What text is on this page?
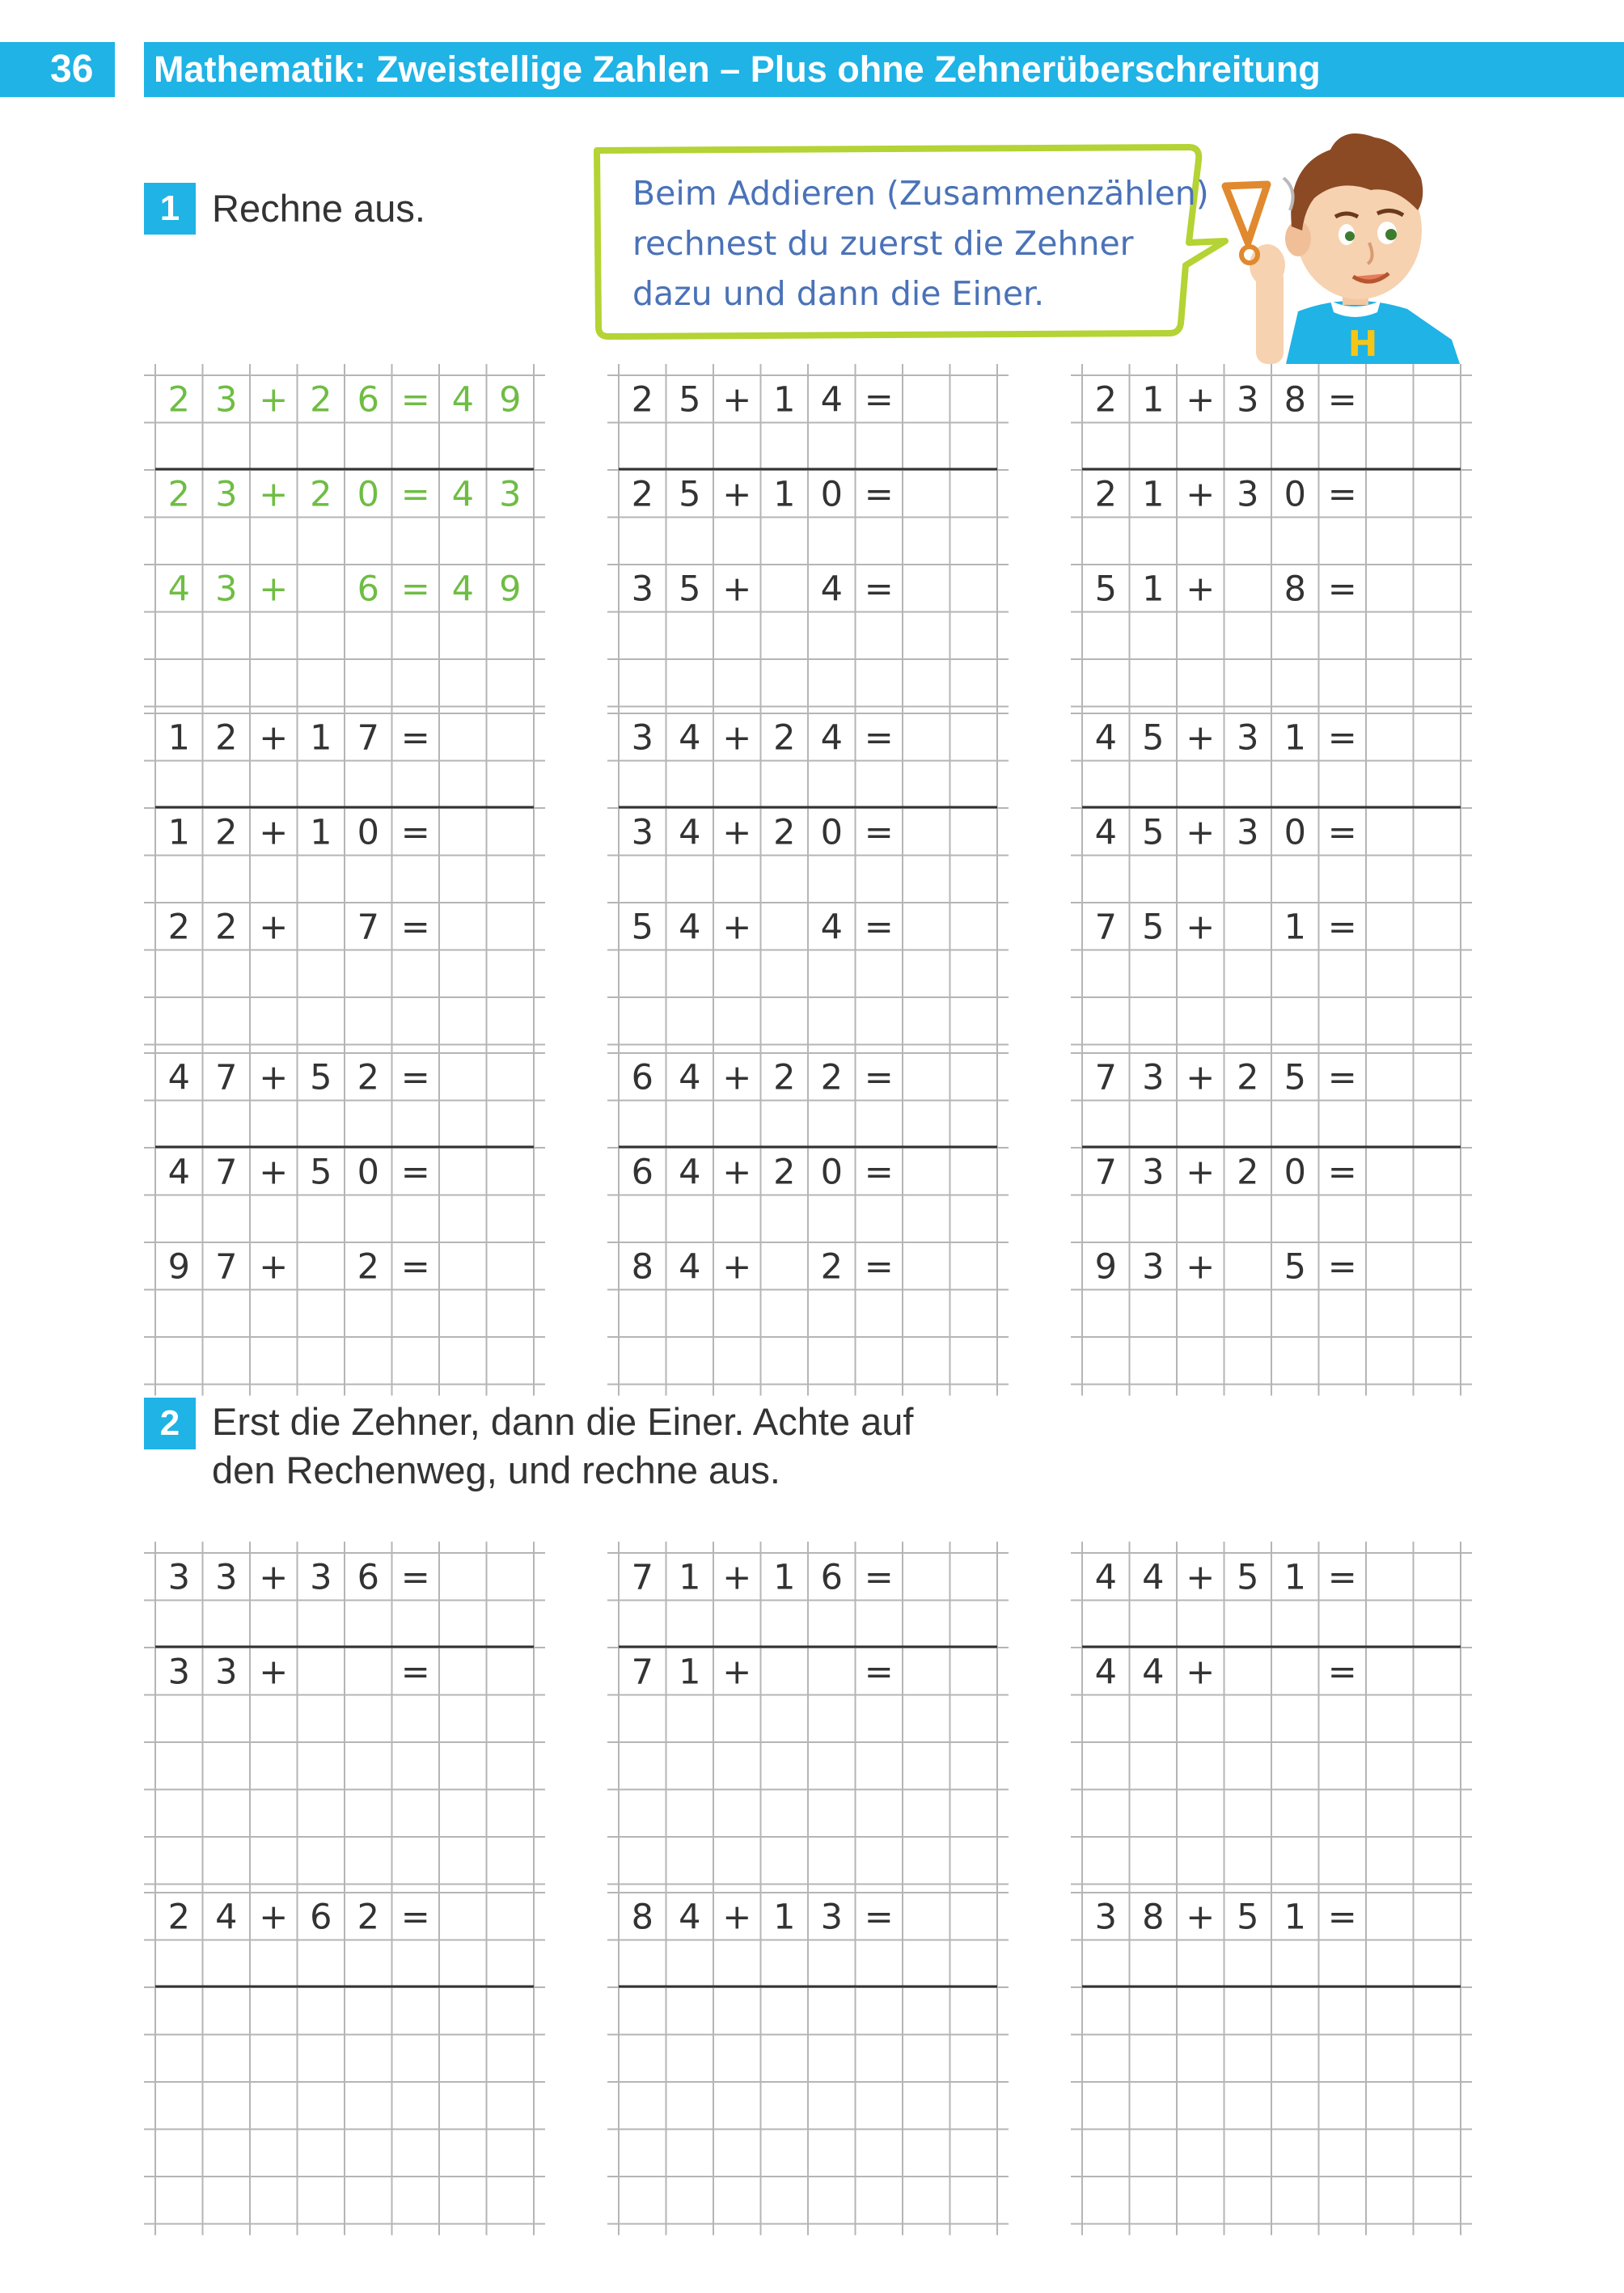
36	Mathematik: Zweistellige Zahlen – Plus ohne Zehnerüberschreitung
1 Rechne aus.	Beim Addieren (Zusammenzählen)
rechnest du zuerst die Zehner
dazu und dann die Einer.
H
2 3 + 2 6 = 4 9
2 3 + 2 0 = 4 3
4 3 + 6 = 4 9
2 5 + 1 4 =
2 5 + 1 0 =
3 5 + 4 =
2 1 + 3 8 =
2 1 + 3 0 =
5 1 + 8 =
1 2 + 1 7 =
1 2 + 1 0 =
2 2 + 7 =
3 4 + 2 4 =
3 4 + 2 0 =
5 4 + 4 =
4 5 + 3 1 =
4 5 + 3 0 =
7 5 + 1 =
4 7 + 5 2 =
4 7 + 5 0 =
9 7 + 2 =
6 4 + 2 2 =
6 4 + 2 0 =
8 4 + 2 =
7 3 + 2 5 =
7 3 + 2 0 =
9 3 + 5 =
2 Erst die Zehner, dann die Einer. Achte auf
den Rechenweg, und rechne aus.
3 3 + 3 6 =
3 3 +	=
7 1 + 1 6 =
7 1 +	=
4 4 + 5 1 =
4 4 +	=
2 4 + 6 2 =	8 4 + 1 3 =	3 8 + 5 1 =
